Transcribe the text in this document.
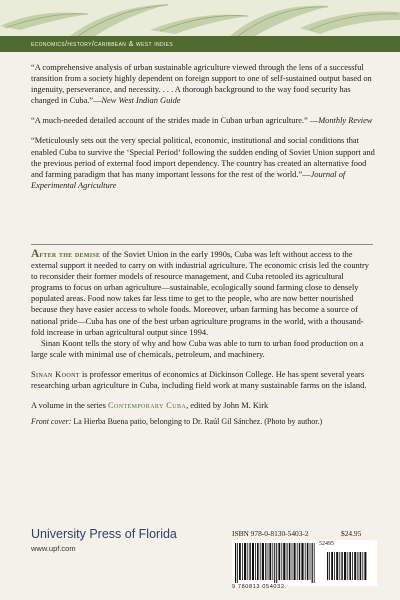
economics/history/caribbean & west indies

“A comprehensive analysis of urban sustainable agriculture viewed through the lens of a successful transition from a society highly dependent on foreign support to one of self-sustained output based on ingenuity, perseverance, and necessity. . . . A thorough background to the way food security has changed in Cuba.”—New West Indian Guide

“A much-needed detailed account of the strides made in Cuban urban agriculture.” —Monthly Review

“Meticulously sets out the very special political, economic, institutional and social conditions that enabled Cuba to survive the ‘Special Period’ following the sudden ending of Soviet Union support and the previous period of external food import dependency. The country has created an alternative food and farming paradigm that has many important lessons for the rest of the world.”—Journal of Experimental Agriculture

After the demise of the Soviet Union in the early 1990s, Cuba was left without access to the external support it needed to carry on with industrial agriculture. The economic crisis led the country to reconsider their former models of resource management, and Cuba retooled its agricultural programs to focus on urban agriculture—sustainable, ecologically sound farming close to densely populated areas. Food now takes far less time to get to the people, who are now better nourished because they have easier access to whole foods. Moreover, urban farming has become a source of national pride—Cuba has one of the best urban agriculture programs in the world, with a thousand-fold increase in urban agricultural output since 1994.

Sinan Koont tells the story of why and how Cuba was able to turn to urban food production on a large scale with minimal use of chemicals, petroleum, and machinery.

Sinan Koont is professor emeritus of economics at Dickinson College. He has spent several years researching urban agriculture in Cuba, including field work at many sustainable farms on the island.

A volume in the series Contemporary Cuba, edited by John M. Kirk

Front cover: La Hierba Buena patio, belonging to Dr. Raúl Gil Sánchez. (Photo by author.)

University Press of Florida
www.upf.com
ISBN 978-0-8130-5403-2	$24.95
52495
9 780813 054032
